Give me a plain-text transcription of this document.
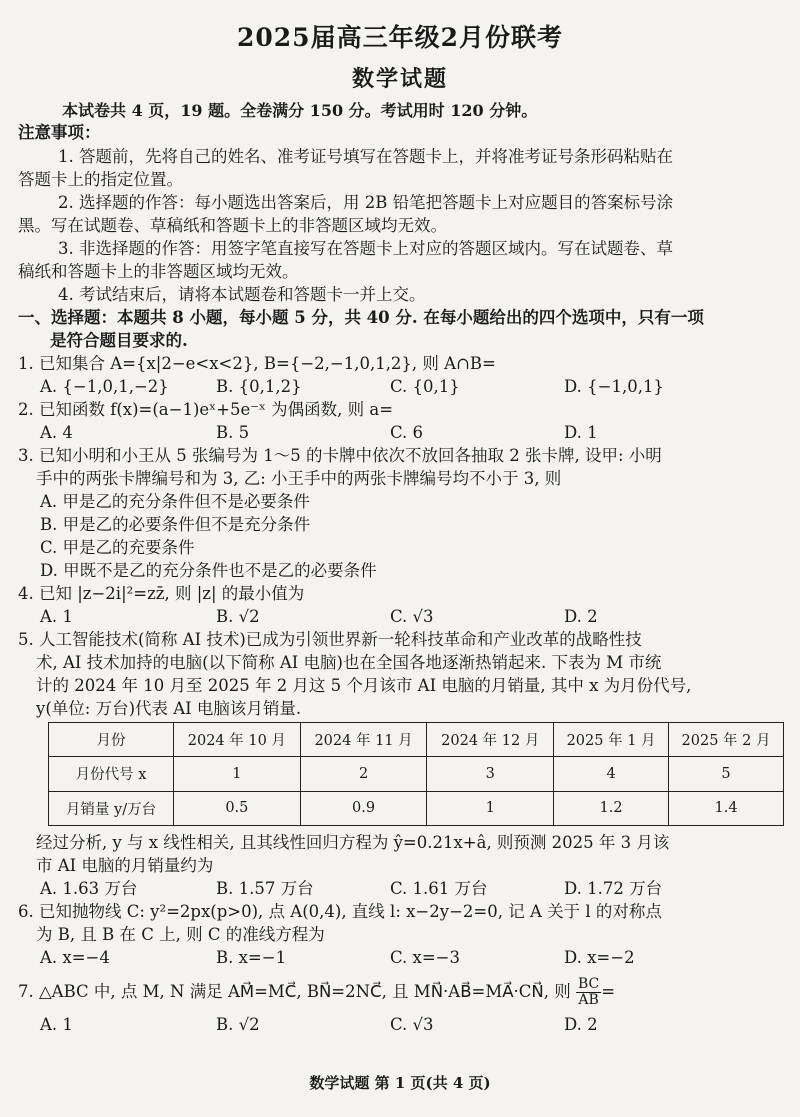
2025届高三年级2月份联考
数学试题
本试卷共 4 页，19 题。全卷满分 150 分。考试用时 120 分钟。
注意事项：
1. 答题前，先将自己的姓名、准考证号填写在答题卡上，并将准考证号条形码粘贴在
答题卡上的指定位置。
2. 选择题的作答：每小题选出答案后，用 2B 铅笔把答题卡上对应题目的答案标号涂
黑。写在试题卷、草稿纸和答题卡上的非答题区域均无效。
3. 非选择题的作答：用签字笔直接写在答题卡上对应的答题区域内。写在试题卷、草
稿纸和答题卡上的非答题区域均无效。
4. 考试结束后，请将本试题卷和答题卡一并上交。
一、选择题：本题共 8 小题，每小题 5 分，共 40 分. 在每小题给出的四个选项中，只有一项
是符合题目要求的.
1. 已知集合 A={x|2−e<x<2}, B={−2,−1,0,1,2}, 则 A∩B=
A. {−1,0,1,−2}	B. {0,1,2}	C. {0,1}	D. {−1,0,1}
2. 已知函数 f(x)=(a−1)eˣ+5e⁻ˣ 为偶函数, 则 a=
A. 4	B. 5	C. 6	D. 1
3. 已知小明和小王从 5 张编号为 1～5 的卡牌中依次不放回各抽取 2 张卡牌, 设甲: 小明
手中的两张卡牌编号和为 3, 乙: 小王手中的两张卡牌编号均不小于 3, 则
A. 甲是乙的充分条件但不是必要条件
B. 甲是乙的必要条件但不是充分条件
C. 甲是乙的充要条件
D. 甲既不是乙的充分条件也不是乙的必要条件
4. 已知 |z−2i|²=zz̄, 则 |z| 的最小值为
A. 1	B. √2	C. √3	D. 2
5. 人工智能技术(简称 AI 技术)已成为引领世界新一轮科技革命和产业改革的战略性技
术, AI 技术加持的电脑(以下简称 AI 电脑)也在全国各地逐渐热销起来. 下表为 M 市统
计的 2024 年 10 月至 2025 年 2 月这 5 个月该市 AI 电脑的月销量, 其中 x 为月份代号,
y(单位: 万台)代表 AI 电脑该月销量.
月份	2024 年 10 月	2024 年 11 月	2024 年 12 月	2025 年 1 月	2025 年 2 月
月份代号 x	1	2	3	4	5
月销量 y/万台	0.5	0.9	1	1.2	1.4
经过分析, y 与 x 线性相关, 且其线性回归方程为 ŷ=0.21x+â, 则预测 2025 年 3 月该
市 AI 电脑的月销量约为
A. 1.63 万台	B. 1.57 万台	C. 1.61 万台	D. 1.72 万台
6. 已知抛物线 C: y²=2px(p>0), 点 A(0,4), 直线 l: x−2y−2=0, 记 A 关于 l 的对称点
为 B, 且 B 在 C 上, 则 C 的准线方程为
A. x=−4	B. x=−1	C. x=−3	D. x=−2
7. △ABC 中, 点 M, N 满足 AM⃗=MC⃗, BN⃗=2NC⃗, 且 MN⃗·AB⃗=MA⃗·CN⃗, 则 $\frac{BC}{AB}$ =
A. 1	B. √2	C. √3	D. 2
数学试题 第 1 页(共 4 页)
